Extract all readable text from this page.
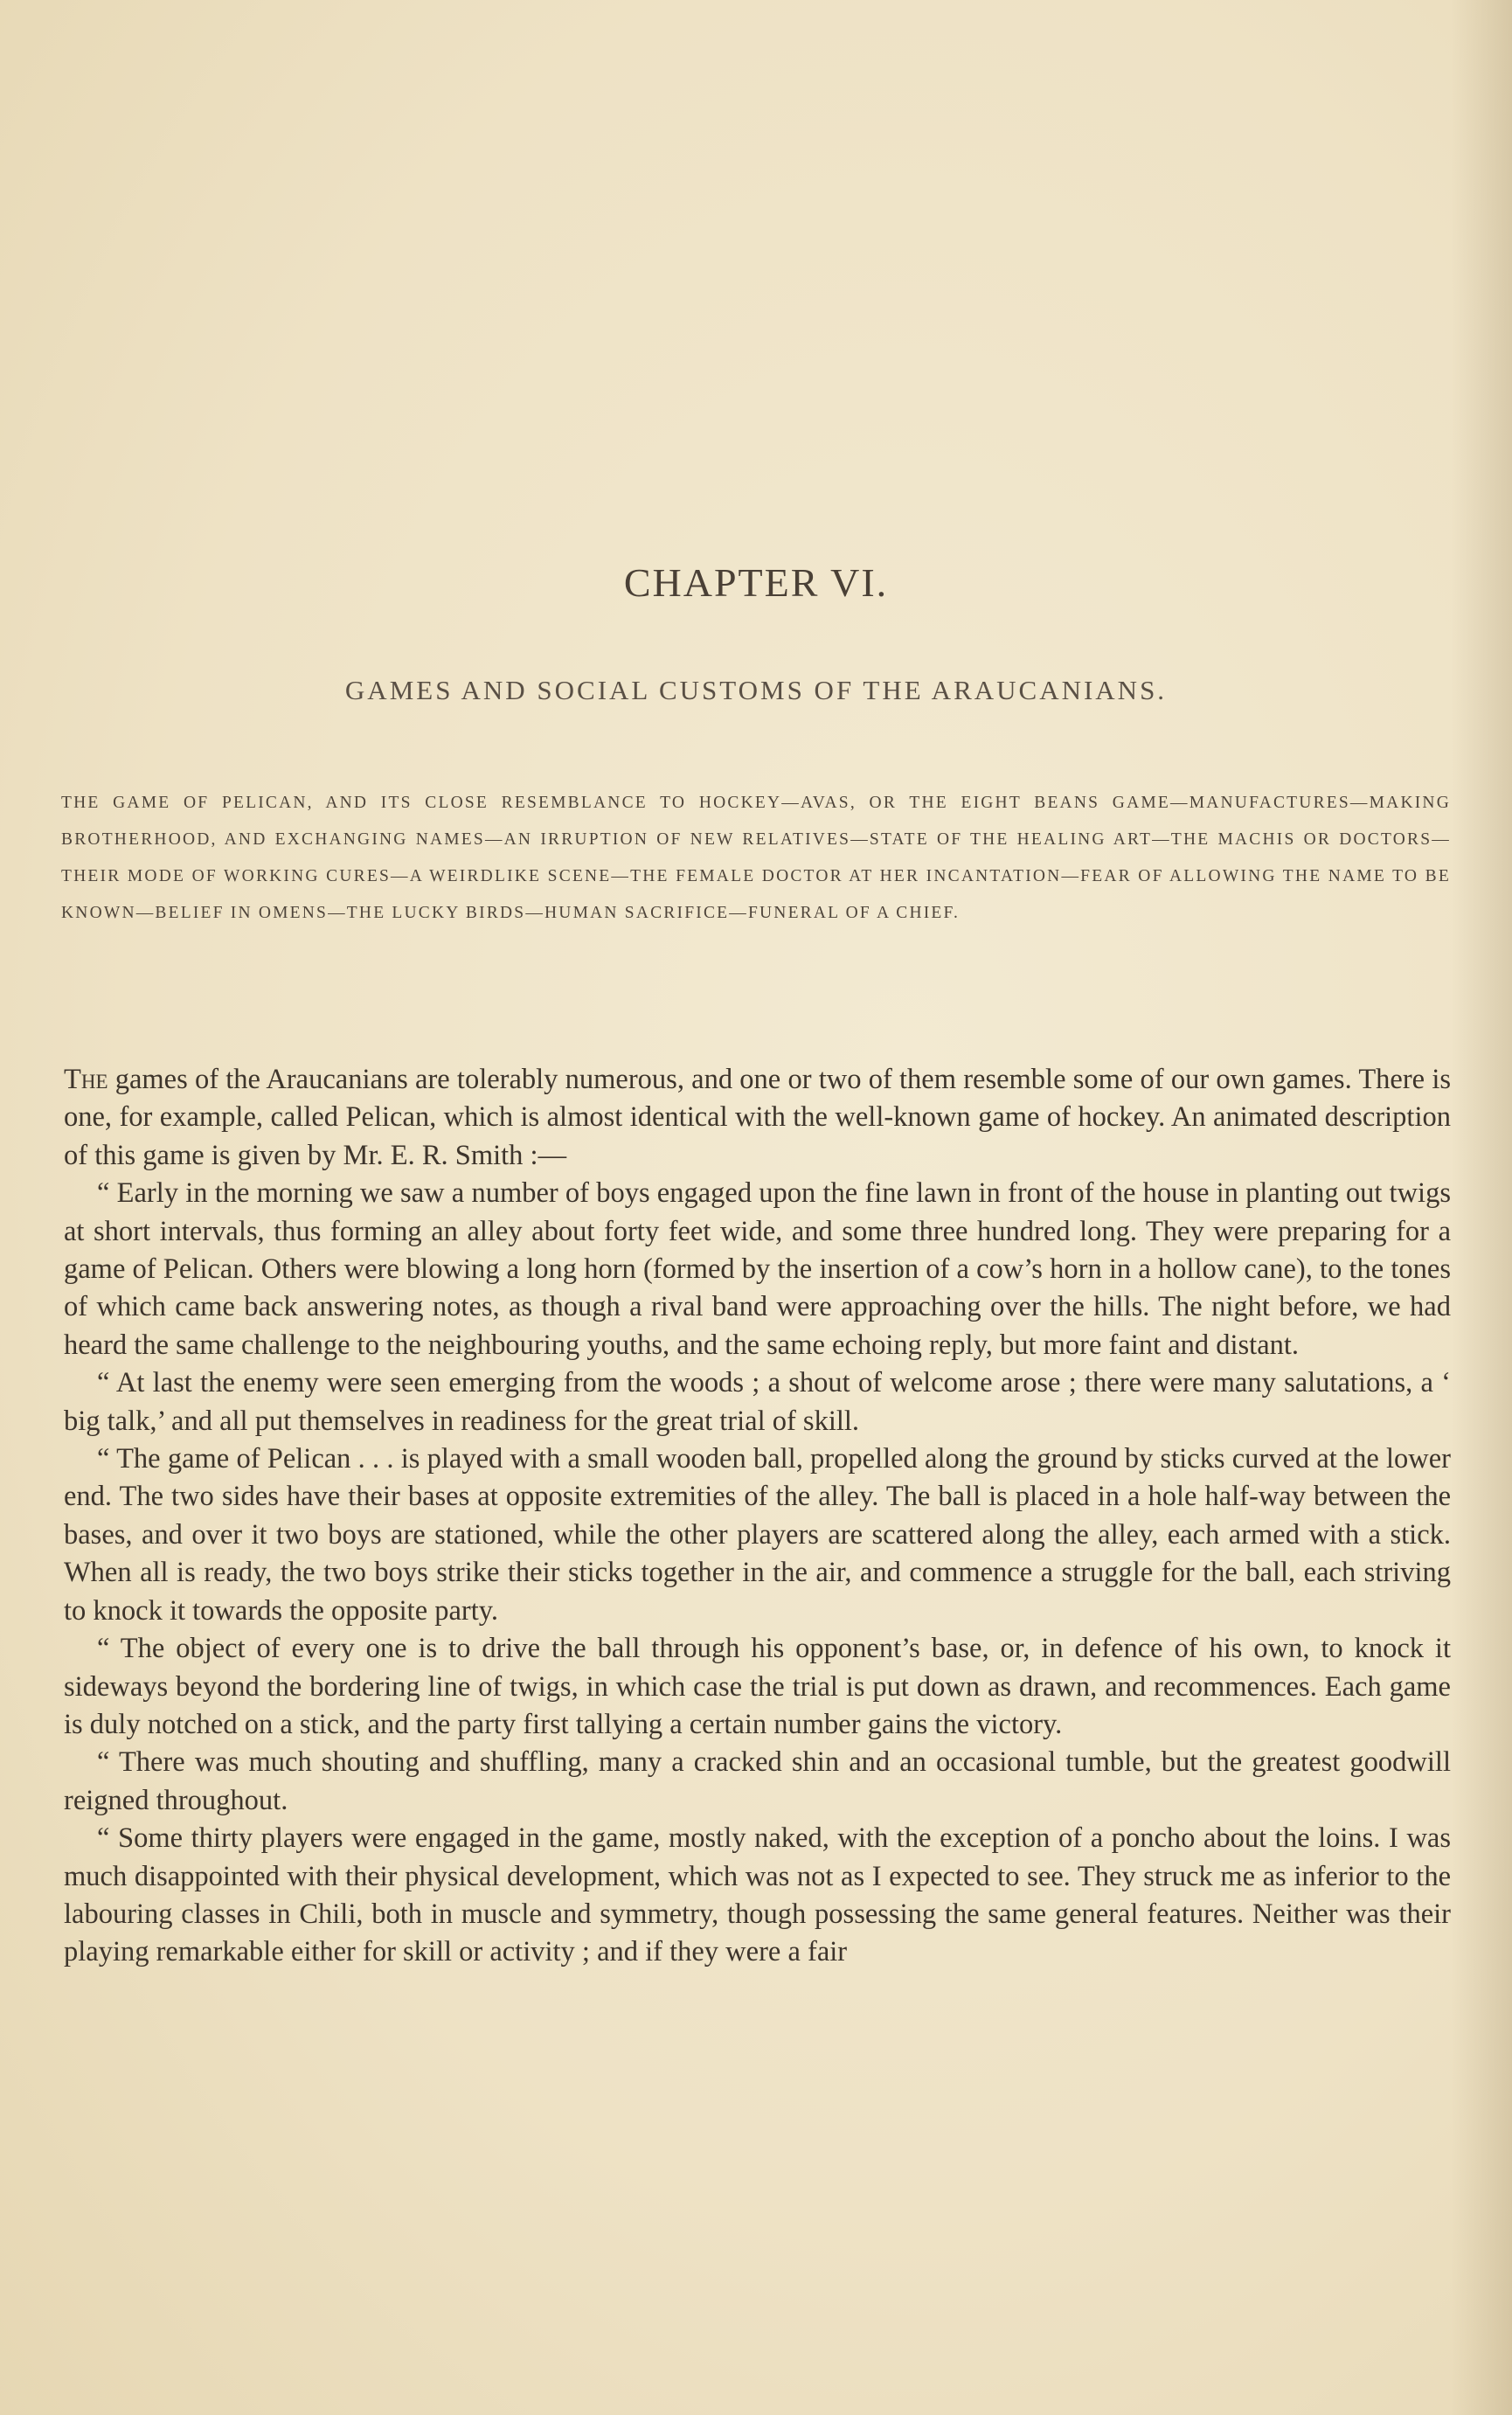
CHAPTER VI.
GAMES AND SOCIAL CUSTOMS OF THE ARAUCANIANS.
THE GAME OF PELICAN, AND ITS CLOSE RESEMBLANCE TO HOCKEY—AVAS, OR THE EIGHT BEANS GAME—MANUFACTURES—MAKING BROTHERHOOD, AND EXCHANGING NAMES—AN IRRUPTION OF NEW RELATIVES—STATE OF THE HEALING ART—THE MACHIS OR DOCTORS—THEIR MODE OF WORKING CURES—A WEIRDLIKE SCENE—THE FEMALE DOCTOR AT HER INCANTATION—FEAR OF ALLOWING THE NAME TO BE KNOWN—BELIEF IN OMENS—THE LUCKY BIRDS—HUMAN SACRIFICE—FUNERAL OF A CHIEF.

The games of the Araucanians are tolerably numerous, and one or two of them resemble some of our own games. There is one, for example, called Pelican, which is almost identical with the well-known game of hockey. An animated description of this game is given by Mr. E. R. Smith :—

“ Early in the morning we saw a number of boys engaged upon the fine lawn in front of the house in planting out twigs at short intervals, thus forming an alley about forty feet wide, and some three hundred long. They were preparing for a game of Pelican. Others were blowing a long horn (formed by the insertion of a cow’s horn in a hollow cane), to the tones of which came back answering notes, as though a rival band were approaching over the hills. The night before, we had heard the same challenge to the neighbouring youths, and the same echoing reply, but more faint and distant.

“ At last the enemy were seen emerging from the woods ; a shout of welcome arose ; there were many salutations, a ‘ big talk,’ and all put themselves in readiness for the great trial of skill.

“ The game of Pelican . . . is played with a small wooden ball, propelled along the ground by sticks curved at the lower end. The two sides have their bases at opposite extremities of the alley. The ball is placed in a hole half-way between the bases, and over it two boys are stationed, while the other players are scattered along the alley, each armed with a stick. When all is ready, the two boys strike their sticks together in the air, and commence a struggle for the ball, each striving to knock it towards the opposite party.

“ The object of every one is to drive the ball through his opponent’s base, or, in defence of his own, to knock it sideways beyond the bordering line of twigs, in which case the trial is put down as drawn, and recommences. Each game is duly notched on a stick, and the party first tallying a certain number gains the victory.

“ There was much shouting and shuffling, many a cracked shin and an occasional tumble, but the greatest goodwill reigned throughout.

“ Some thirty players were engaged in the game, mostly naked, with the exception of a poncho about the loins. I was much disappointed with their physical development, which was not as I expected to see. They struck me as inferior to the labouring classes in Chili, both in muscle and symmetry, though possessing the same general features. Neither was their playing remarkable either for skill or activity ; and if they were a fair
